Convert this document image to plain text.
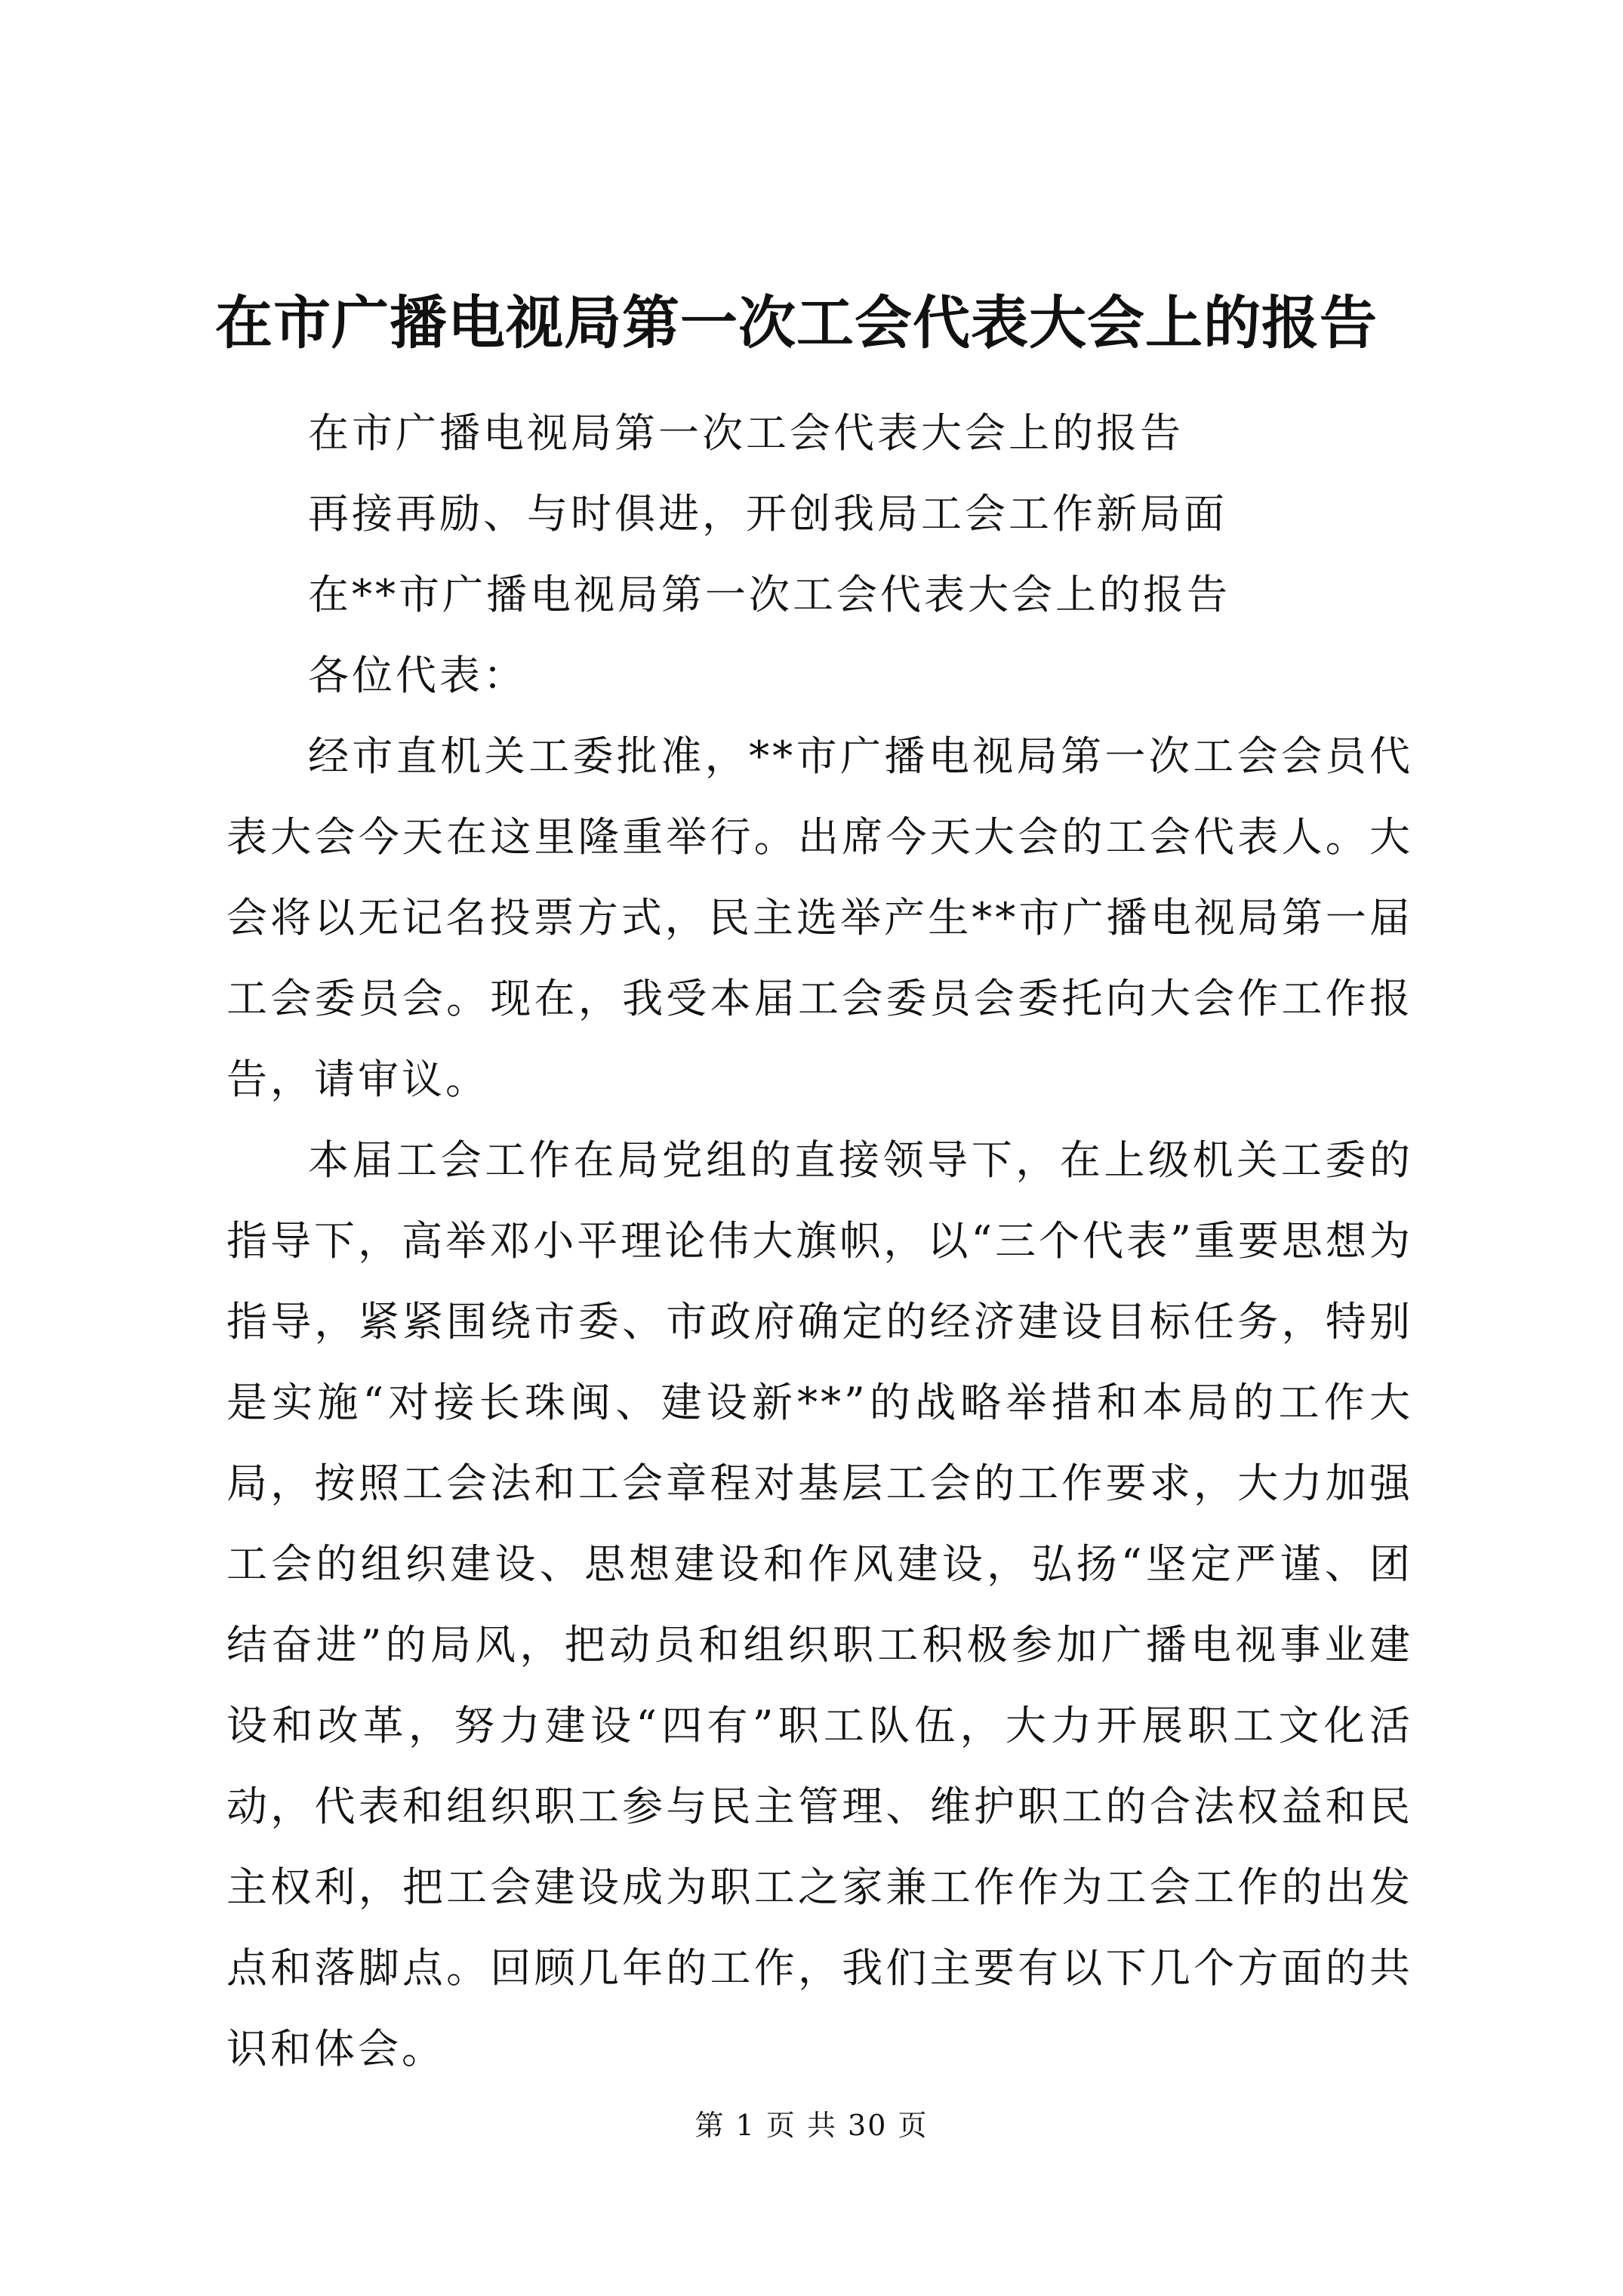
在市广播电视局第一次工会代表大会上的报告

在市广播电视局第一次工会代表大会上的报告

再接再励、与时俱进，开创我局工会工作新局面

在**市广播电视局第一次工会代表大会上的报告

各位代表：

经市直机关工委批准，**市广播电视局第一次工会会员代表大会今天在这里隆重举行。出席今天大会的工会代表人。大会将以无记名投票方式，民主选举产生**市广播电视局第一届工会委员会。现在，我受本届工会委员会委托向大会作工作报告，请审议。

本届工会工作在局党组的直接领导下，在上级机关工委的指导下，高举邓小平理论伟大旗帜，以“三个代表”重要思想为指导，紧紧围绕市委、市政府确定的经济建设目标任务，特别是实施“对接长珠闽、建设新**”的战略举措和本局的工作大局，按照工会法和工会章程对基层工会的工作要求，大力加强工会的组织建设、思想建设和作风建设，弘扬“坚定严谨、团结奋进”的局风，把动员和组织职工积极参加广播电视事业建设和改革，努力建设“四有”职工队伍，大力开展职工文化活动，代表和组织职工参与民主管理、维护职工的合法权益和民主权利，把工会建设成为职工之家兼工作作为工会工作的出发点和落脚点。回顾几年的工作，我们主要有以下几个方面的共识和体会。

第 1 页 共 30 页
